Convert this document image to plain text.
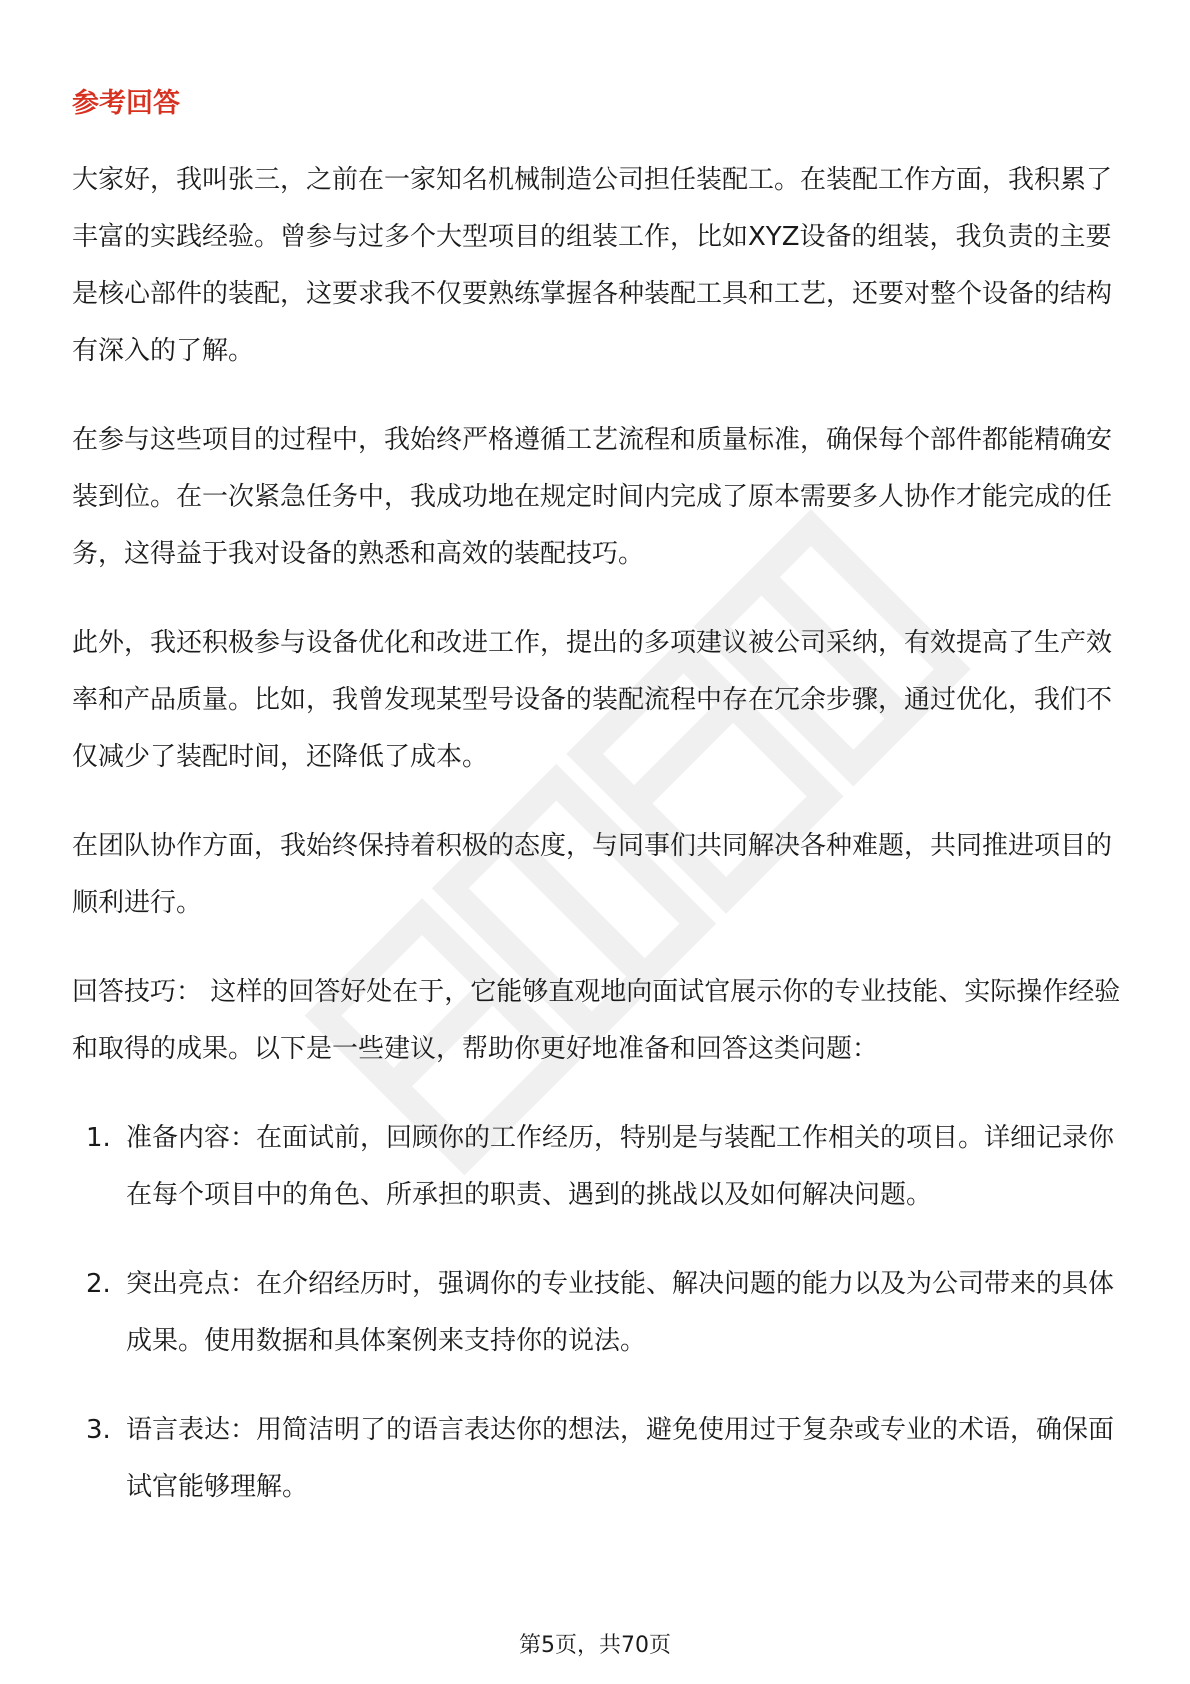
参考回答

大家好，我叫张三，之前在一家知名机械制造公司担任装配工。在装配工作方面，我积累了丰富的实践经验。曾参与过多个大型项目的组装工作，比如XYZ设备的组装，我负责的主要是核心部件的装配，这要求我不仅要熟练掌握各种装配工具和工艺，还要对整个设备的结构有深入的了解。

在参与这些项目的过程中，我始终严格遵循工艺流程和质量标准，确保每个部件都能精确安装到位。在一次紧急任务中，我成功地在规定时间内完成了原本需要多人协作才能完成的任务，这得益于我对设备的熟悉和高效的装配技巧。

此外，我还积极参与设备优化和改进工作，提出的多项建议被公司采纳，有效提高了生产效率和产品质量。比如，我曾发现某型号设备的装配流程中存在冗余步骤，通过优化，我们不仅减少了装配时间，还降低了成本。

在团队协作方面，我始终保持着积极的态度，与同事们共同解决各种难题，共同推进项目的顺利进行。

回答技巧： 这样的回答好处在于，它能够直观地向面试官展示你的专业技能、实际操作经验和取得的成果。以下是一些建议，帮助你更好地准备和回答这类问题：

1. 准备内容：在面试前，回顾你的工作经历，特别是与装配工作相关的项目。详细记录你在每个项目中的角色、所承担的职责、遇到的挑战以及如何解决问题。
2. 突出亮点：在介绍经历时，强调你的专业技能、解决问题的能力以及为公司带来的具体成果。使用数据和具体案例来支持你的说法。
3. 语言表达：用简洁明了的语言表达你的想法，避免使用过于复杂或专业的术语，确保面试官能够理解。
第5页，共70页
